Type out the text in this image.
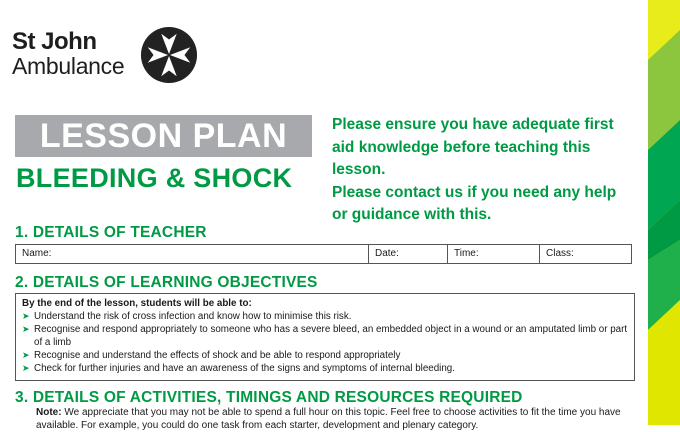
St John
Ambulance
LESSON PLAN
BLEEDING & SHOCK

Please ensure you have adequate first aid knowledge before teaching this lesson.

Please contact us if you need any help or guidance with this.

1. DETAILS OF TEACHER
Name:	Date:	Time:	Class:
2. DETAILS OF LEARNING OBJECTIVES
By the end of the lesson, students will be able to:
➤ Understand the risk of cross infection and know how to minimise this risk.
➤ Recognise and respond appropriately to someone who has a severe bleed, an embedded object in a wound or an amputated limb or part of a limb
➤ Recognise and understand the effects of shock and be able to respond appropriately
➤ Check for further injuries and have an awareness of the signs and symptoms of internal bleeding.
3. DETAILS OF ACTIVITIES, TIMINGS AND RESOURCES REQUIRED
Note: We appreciate that you may not be able to spend a full hour on this topic. Feel free to choose activities to fit the time you have available. For example, you could do one task from each starter, development and plenary category.
